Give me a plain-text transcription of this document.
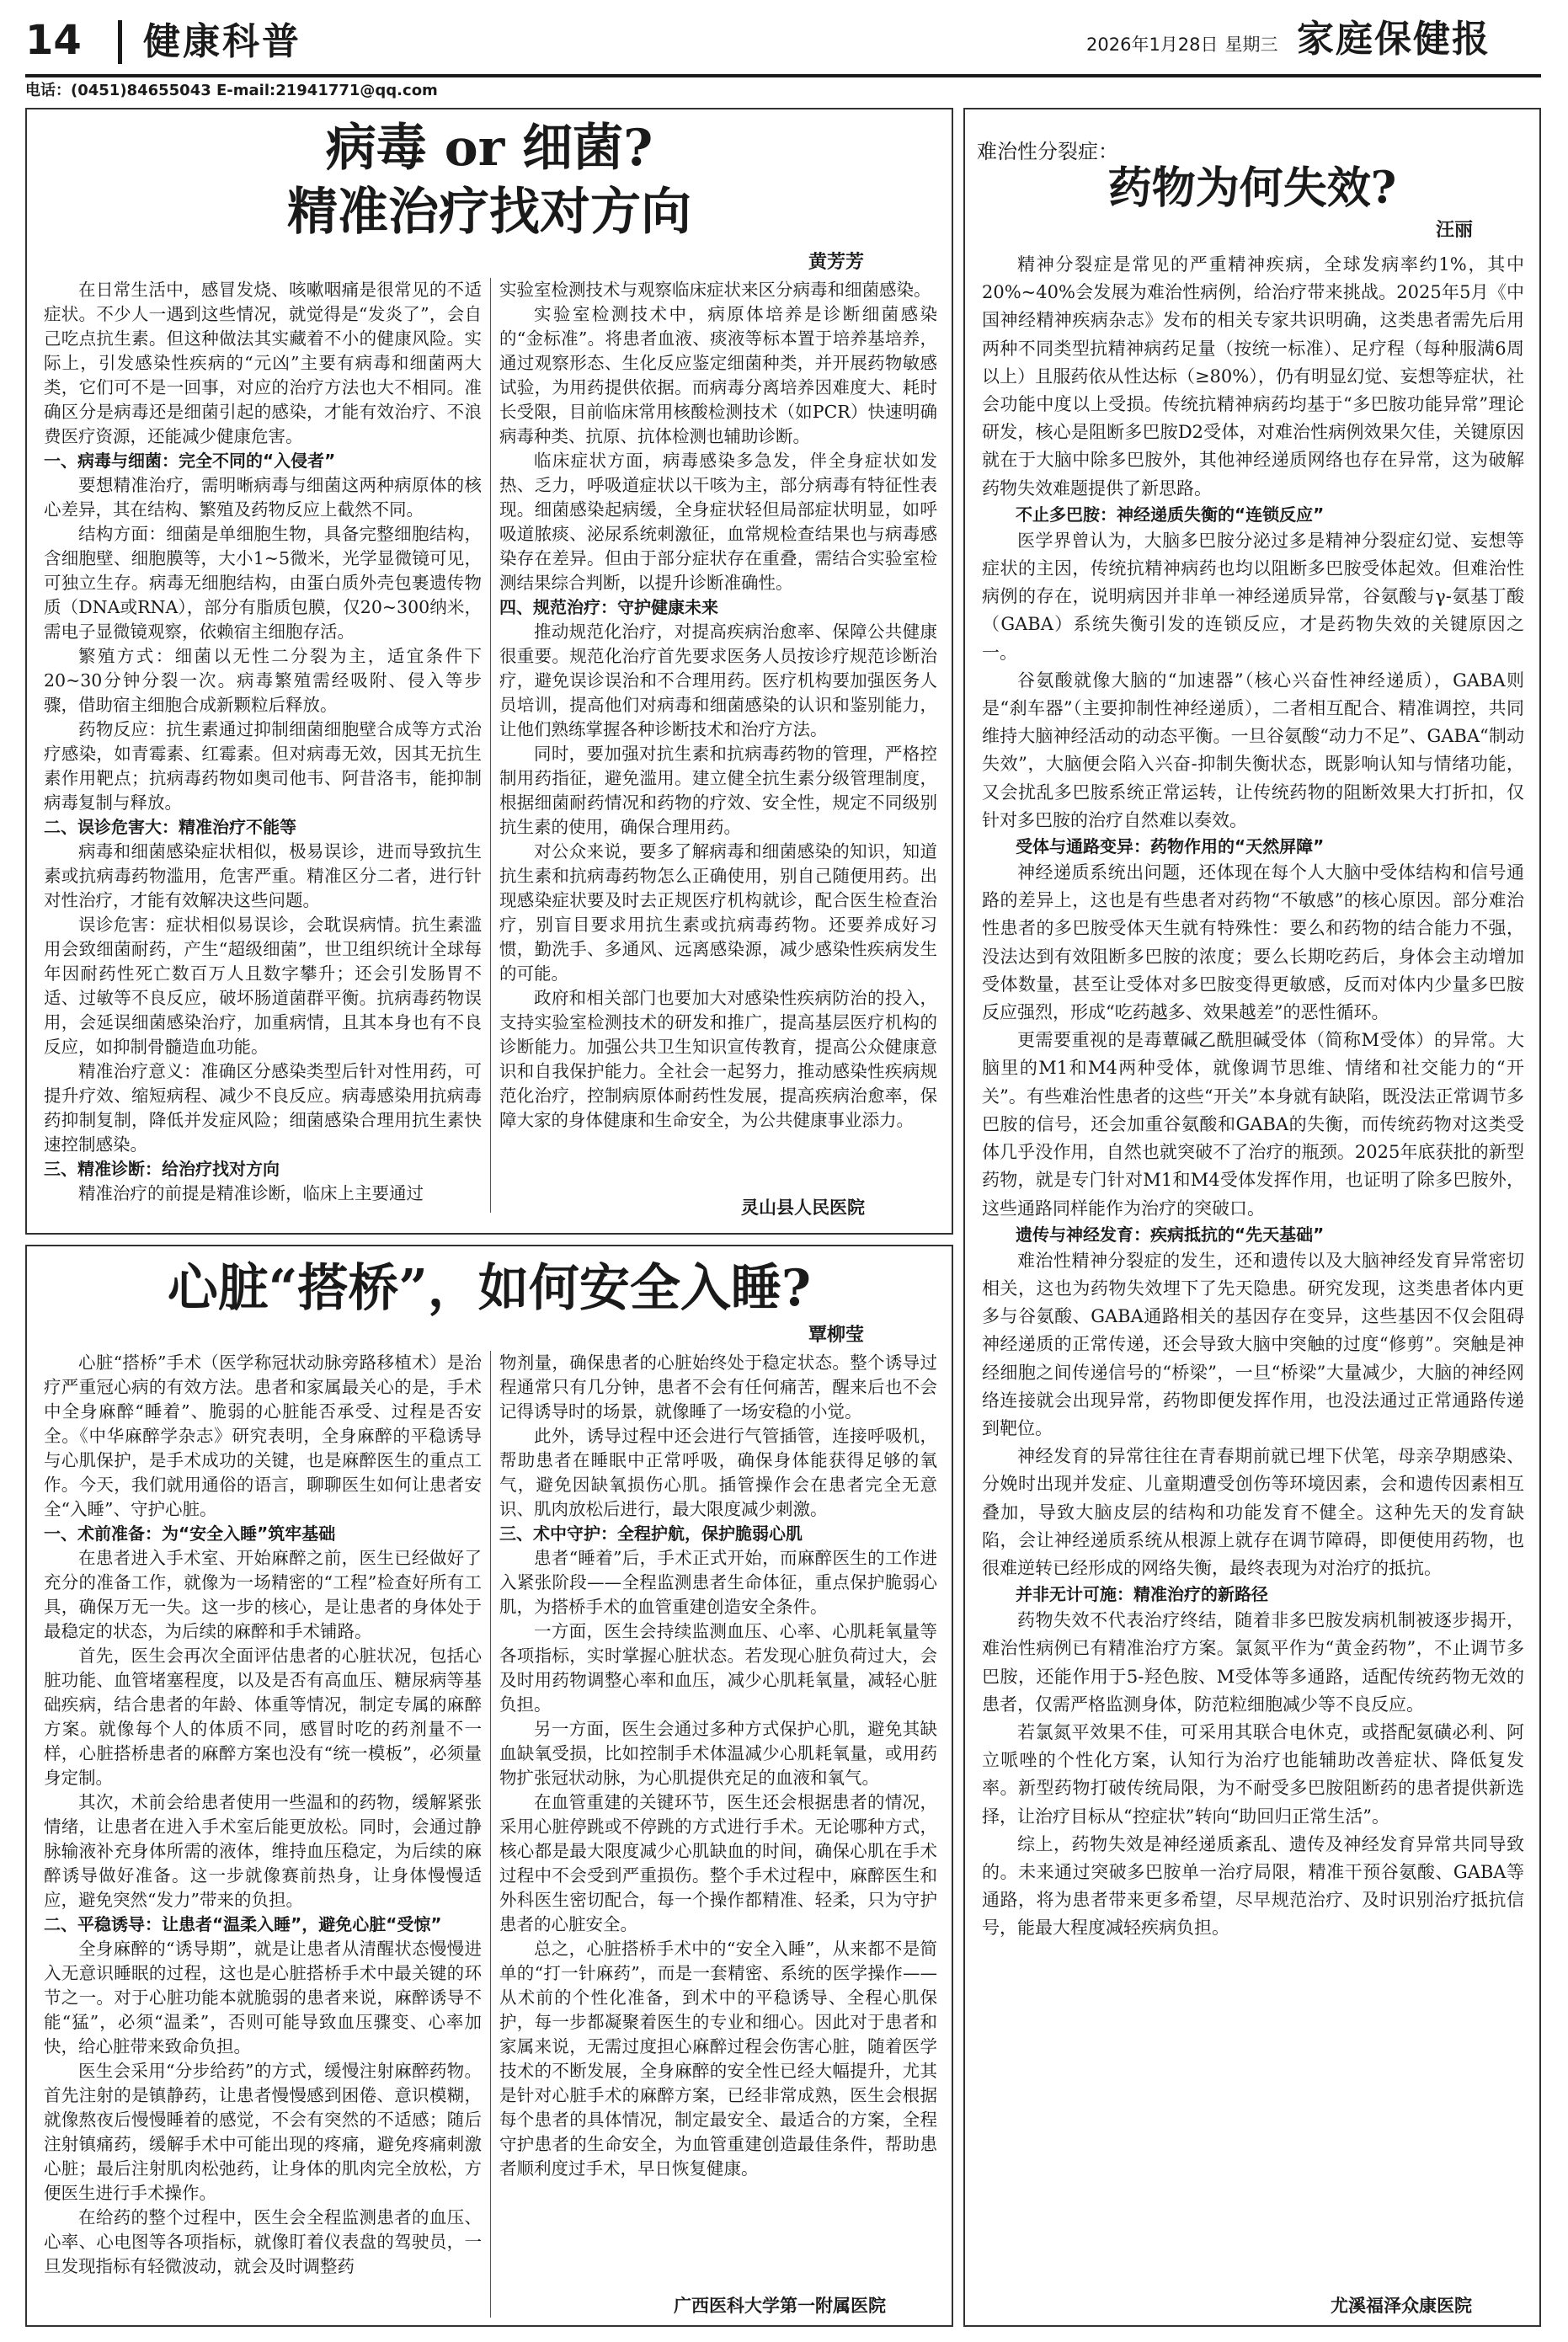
14 健康科普	2026年1月28日 星期三 家庭保健报
电话：(0451)84655043 E-mail:21941771@qq.com
病毒 or 细菌?
精准治疗找对方向
黄芳芳

在日常生活中，感冒发烧、咳嗽咽痛是很常见的不适症状。不少人一遇到这些情况，就觉得是“发炎了”，会自己吃点抗生素。但这种做法其实藏着不小的健康风险。实际上，引发感染性疾病的“元凶”主要有病毒和细菌两大类，它们可不是一回事，对应的治疗方法也大不相同。准确区分是病毒还是细菌引起的感染，才能有效治疗、不浪费医疗资源，还能减少健康危害。

一、病毒与细菌：完全不同的“入侵者”

要想精准治疗，需明晰病毒与细菌这两种病原体的核心差异，其在结构、繁殖及药物反应上截然不同。

结构方面：细菌是单细胞生物，具备完整细胞结构，含细胞壁、细胞膜等，大小1~5微米，光学显微镜可见，可独立生存。病毒无细胞结构，由蛋白质外壳包裹遗传物质（DNA或RNA），部分有脂质包膜，仅20~300纳米，需电子显微镜观察，依赖宿主细胞存活。

繁殖方式：细菌以无性二分裂为主，适宜条件下20~30分钟分裂一次。病毒繁殖需经吸附、侵入等步骤，借助宿主细胞合成新颗粒后释放。

药物反应：抗生素通过抑制细菌细胞壁合成等方式治疗感染，如青霉素、红霉素。但对病毒无效，因其无抗生素作用靶点；抗病毒药物如奥司他韦、阿昔洛韦，能抑制病毒复制与释放。

二、误诊危害大：精准治疗不能等

病毒和细菌感染症状相似，极易误诊，进而导致抗生素或抗病毒药物滥用，危害严重。精准区分二者，进行针对性治疗，才能有效解决这些问题。

误诊危害：症状相似易误诊，会耽误病情。抗生素滥用会致细菌耐药，产生“超级细菌”，世卫组织统计全球每年因耐药性死亡数百万人且数字攀升；还会引发肠胃不适、过敏等不良反应，破坏肠道菌群平衡。抗病毒药物误用，会延误细菌感染治疗，加重病情，且其本身也有不良反应，如抑制骨髓造血功能。

精准治疗意义：准确区分感染类型后针对性用药，可提升疗效、缩短病程、减少不良反应。病毒感染用抗病毒药抑制复制，降低并发症风险；细菌感染合理用抗生素快速控制感染。

三、精准诊断：给治疗找对方向

精准治疗的前提是精准诊断，临床上主要通过

实验室检测技术与观察临床症状来区分病毒和细菌感染。

实验室检测技术中，病原体培养是诊断细菌感染的“金标准”。将患者血液、痰液等标本置于培养基培养，通过观察形态、生化反应鉴定细菌种类，并开展药物敏感试验，为用药提供依据。而病毒分离培养因难度大、耗时长受限，目前临床常用核酸检测技术（如PCR）快速明确病毒种类、抗原、抗体检测也辅助诊断。

临床症状方面，病毒感染多急发，伴全身症状如发热、乏力，呼吸道症状以干咳为主，部分病毒有特征性表现。细菌感染起病缓，全身症状轻但局部症状明显，如呼吸道脓痰、泌尿系统刺激征，血常规检查结果也与病毒感染存在差异。但由于部分症状存在重叠，需结合实验室检测结果综合判断，以提升诊断准确性。

四、规范治疗：守护健康未来

推动规范化治疗，对提高疾病治愈率、保障公共健康很重要。规范化治疗首先要求医务人员按诊疗规范诊断治疗，避免误诊误治和不合理用药。医疗机构要加强医务人员培训，提高他们对病毒和细菌感染的认识和鉴别能力，让他们熟练掌握各种诊断技术和治疗方法。

同时，要加强对抗生素和抗病毒药物的管理，严格控制用药指征，避免滥用。建立健全抗生素分级管理制度，根据细菌耐药情况和药物的疗效、安全性，规定不同级别抗生素的使用，确保合理用药。

对公众来说，要多了解病毒和细菌感染的知识，知道抗生素和抗病毒药物怎么正确使用，别自己随便用药。出现感染症状要及时去正规医疗机构就诊，配合医生检查治疗，别盲目要求用抗生素或抗病毒药物。还要养成好习惯，勤洗手、多通风、远离感染源，减少感染性疾病发生的可能。

政府和相关部门也要加大对感染性疾病防治的投入，支持实验室检测技术的研发和推广，提高基层医疗机构的诊断能力。加强公共卫生知识宣传教育，提高公众健康意识和自我保护能力。全社会一起努力，推动感染性疾病规范化治疗，控制病原体耐药性发展，提高疾病治愈率，保障大家的身体健康和生命安全，为公共健康事业添力。

灵山县人民医院
心脏“搭桥”，如何安全入睡?
覃柳莹

心脏“搭桥”手术（医学称冠状动脉旁路移植术）是治疗严重冠心病的有效方法。患者和家属最关心的是，手术中全身麻醉“睡着”、脆弱的心脏能否承受、过程是否安全。《中华麻醉学杂志》研究表明，全身麻醉的平稳诱导与心肌保护，是手术成功的关键，也是麻醉医生的重点工作。今天，我们就用通俗的语言，聊聊医生如何让患者安全“入睡”、守护心脏。

一、术前准备：为“安全入睡”筑牢基础

在患者进入手术室、开始麻醉之前，医生已经做好了充分的准备工作，就像为一场精密的“工程”检查好所有工具，确保万无一失。这一步的核心，是让患者的身体处于最稳定的状态，为后续的麻醉和手术铺路。

首先，医生会再次全面评估患者的心脏状况，包括心脏功能、血管堵塞程度，以及是否有高血压、糖尿病等基础疾病，结合患者的年龄、体重等情况，制定专属的麻醉方案。就像每个人的体质不同，感冒时吃的药剂量不一样，心脏搭桥患者的麻醉方案也没有“统一模板”，必须量身定制。

其次，术前会给患者使用一些温和的药物，缓解紧张情绪，让患者在进入手术室后能更放松。同时，会通过静脉输液补充身体所需的液体，维持血压稳定，为后续的麻醉诱导做好准备。这一步就像赛前热身，让身体慢慢适应，避免突然“发力”带来的负担。

二、平稳诱导：让患者“温柔入睡”，避免心脏“受惊”

全身麻醉的“诱导期”，就是让患者从清醒状态慢慢进入无意识睡眠的过程，这也是心脏搭桥手术中最关键的环节之一。对于心脏功能本就脆弱的患者来说，麻醉诱导不能“猛”，必须“温柔”，否则可能导致血压骤变、心率加快，给心脏带来致命负担。

医生会采用“分步给药”的方式，缓慢注射麻醉药物。首先注射的是镇静药，让患者慢慢感到困倦、意识模糊，就像熬夜后慢慢睡着的感觉，不会有突然的不适感；随后注射镇痛药，缓解手术中可能出现的疼痛，避免疼痛刺激心脏；最后注射肌肉松弛药，让身体的肌肉完全放松，方便医生进行手术操作。

在给药的整个过程中，医生会全程监测患者的血压、心率、心电图等各项指标，就像盯着仪表盘的驾驶员，一旦发现指标有轻微波动，就会及时调整药

物剂量，确保患者的心脏始终处于稳定状态。整个诱导过程通常只有几分钟，患者不会有任何痛苦，醒来后也不会记得诱导时的场景，就像睡了一场安稳的小觉。

此外，诱导过程中还会进行气管插管，连接呼吸机，帮助患者在睡眠中正常呼吸，确保身体能获得足够的氧气，避免因缺氧损伤心肌。插管操作会在患者完全无意识、肌肉放松后进行，最大限度减少刺激。

三、术中守护：全程护航，保护脆弱心肌

患者“睡着”后，手术正式开始，而麻醉医生的工作进入紧张阶段——全程监测患者生命体征，重点保护脆弱心肌，为搭桥手术的血管重建创造安全条件。

一方面，医生会持续监测血压、心率、心肌耗氧量等各项指标，实时掌握心脏状态。若发现心脏负荷过大，会及时用药物调整心率和血压，减少心肌耗氧量，减轻心脏负担。

另一方面，医生会通过多种方式保护心肌，避免其缺血缺氧受损，比如控制手术体温减少心肌耗氧量，或用药物扩张冠状动脉，为心肌提供充足的血液和氧气。

在血管重建的关键环节，医生还会根据患者的情况，采用心脏停跳或不停跳的方式进行手术。无论哪种方式，核心都是最大限度减少心肌缺血的时间，确保心肌在手术过程中不会受到严重损伤。整个手术过程中，麻醉医生和外科医生密切配合，每一个操作都精准、轻柔，只为守护患者的心脏安全。

总之，心脏搭桥手术中的“安全入睡”，从来都不是简单的“打一针麻药”，而是一套精密、系统的医学操作——从术前的个性化准备，到术中的平稳诱导、全程心肌保护，每一步都凝聚着医生的专业和细心。因此对于患者和家属来说，无需过度担心麻醉过程会伤害心脏，随着医学技术的不断发展，全身麻醉的安全性已经大幅提升，尤其是针对心脏手术的麻醉方案，已经非常成熟，医生会根据每个患者的具体情况，制定最安全、最适合的方案，全程守护患者的生命安全，为血管重建创造最佳条件，帮助患者顺利度过手术，早日恢复健康。

广西医科大学第一附属医院
难治性分裂症：
药物为何失效?
汪丽

精神分裂症是常见的严重精神疾病，全球发病率约1%，其中20%~40%会发展为难治性病例，给治疗带来挑战。2025年5月《中国神经精神疾病杂志》发布的相关专家共识明确，这类患者需先后用两种不同类型抗精神病药足量（按统一标准）、足疗程（每种服满6周以上）且服药依从性达标（≥80%），仍有明显幻觉、妄想等症状，社会功能中度以上受损。传统抗精神病药均基于“多巴胺功能异常”理论研发，核心是阻断多巴胺D2受体，对难治性病例效果欠佳，关键原因就在于大脑中除多巴胺外，其他神经递质网络也存在异常，这为破解药物失效难题提供了新思路。

不止多巴胺：神经递质失衡的“连锁反应”

医学界曾认为，大脑多巴胺分泌过多是精神分裂症幻觉、妄想等症状的主因，传统抗精神病药也均以阻断多巴胺受体起效。但难治性病例的存在，说明病因并非单一神经递质异常，谷氨酸与γ-氨基丁酸（GABA）系统失衡引发的连锁反应，才是药物失效的关键原因之一。

谷氨酸就像大脑的“加速器”（核心兴奋性神经递质），GABA则是“刹车器”（主要抑制性神经递质），二者相互配合、精准调控，共同维持大脑神经活动的动态平衡。一旦谷氨酸“动力不足”、GABA“制动失效”，大脑便会陷入兴奋-抑制失衡状态，既影响认知与情绪功能，又会扰乱多巴胺系统正常运转，让传统药物的阻断效果大打折扣，仅针对多巴胺的治疗自然难以奏效。

受体与通路变异：药物作用的“天然屏障”

神经递质系统出问题，还体现在每个人大脑中受体结构和信号通路的差异上，这也是有些患者对药物“不敏感”的核心原因。部分难治性患者的多巴胺受体天生就有特殊性：要么和药物的结合能力不强，没法达到有效阻断多巴胺的浓度；要么长期吃药后，身体会主动增加受体数量，甚至让受体对多巴胺变得更敏感，反而对体内少量多巴胺反应强烈，形成“吃药越多、效果越差”的恶性循环。

更需要重视的是毒蕈碱乙酰胆碱受体（简称M受体）的异常。大脑里的M1和M4两种受体，就像调节思维、情绪和社交能力的“开关”。有些难治性患者的这些“开关”本身就有缺陷，既没法正常调节多巴胺的信号，还会加重谷氨酸和GABA的失衡，而传统药物对这类受体几乎没作用，自然也就突破不了治疗的瓶颈。2025年底获批的新型药物，就是专门针对M1和M4受体发挥作用，也证明了除多巴胺外，这些通路同样能作为治疗的突破口。

遗传与神经发育：疾病抵抗的“先天基础”

难治性精神分裂症的发生，还和遗传以及大脑神经发育异常密切相关，这也为药物失效埋下了先天隐患。研究发现，这类患者体内更多与谷氨酸、GABA通路相关的基因存在变异，这些基因不仅会阻碍神经递质的正常传递，还会导致大脑中突触的过度“修剪”。突触是神经细胞之间传递信号的“桥梁”，一旦“桥梁”大量减少，大脑的神经网络连接就会出现异常，药物即便发挥作用，也没法通过正常通路传递到靶位。

神经发育的异常往往在青春期前就已埋下伏笔，母亲孕期感染、分娩时出现并发症、儿童期遭受创伤等环境因素，会和遗传因素相互叠加，导致大脑皮层的结构和功能发育不健全。这种先天的发育缺陷，会让神经递质系统从根源上就存在调节障碍，即便使用药物，也很难逆转已经形成的网络失衡，最终表现为对治疗的抵抗。

并非无计可施：精准治疗的新路径

药物失效不代表治疗终结，随着非多巴胺发病机制被逐步揭开，难治性病例已有精准治疗方案。氯氮平作为“黄金药物”，不止调节多巴胺，还能作用于5-羟色胺、M受体等多通路，适配传统药物无效的患者，仅需严格监测身体，防范粒细胞减少等不良反应。

若氯氮平效果不佳，可采用其联合电休克，或搭配氨磺必利、阿立哌唑的个性化方案，认知行为治疗也能辅助改善症状、降低复发率。新型药物打破传统局限，为不耐受多巴胺阻断药的患者提供新选择，让治疗目标从“控症状”转向“助回归正常生活”。

综上，药物失效是神经递质紊乱、遗传及神经发育异常共同导致的。未来通过突破多巴胺单一治疗局限，精准干预谷氨酸、GABA等通路，将为患者带来更多希望，尽早规范治疗、及时识别治疗抵抗信号，能最大程度减轻疾病负担。

尤溪福泽众康医院
